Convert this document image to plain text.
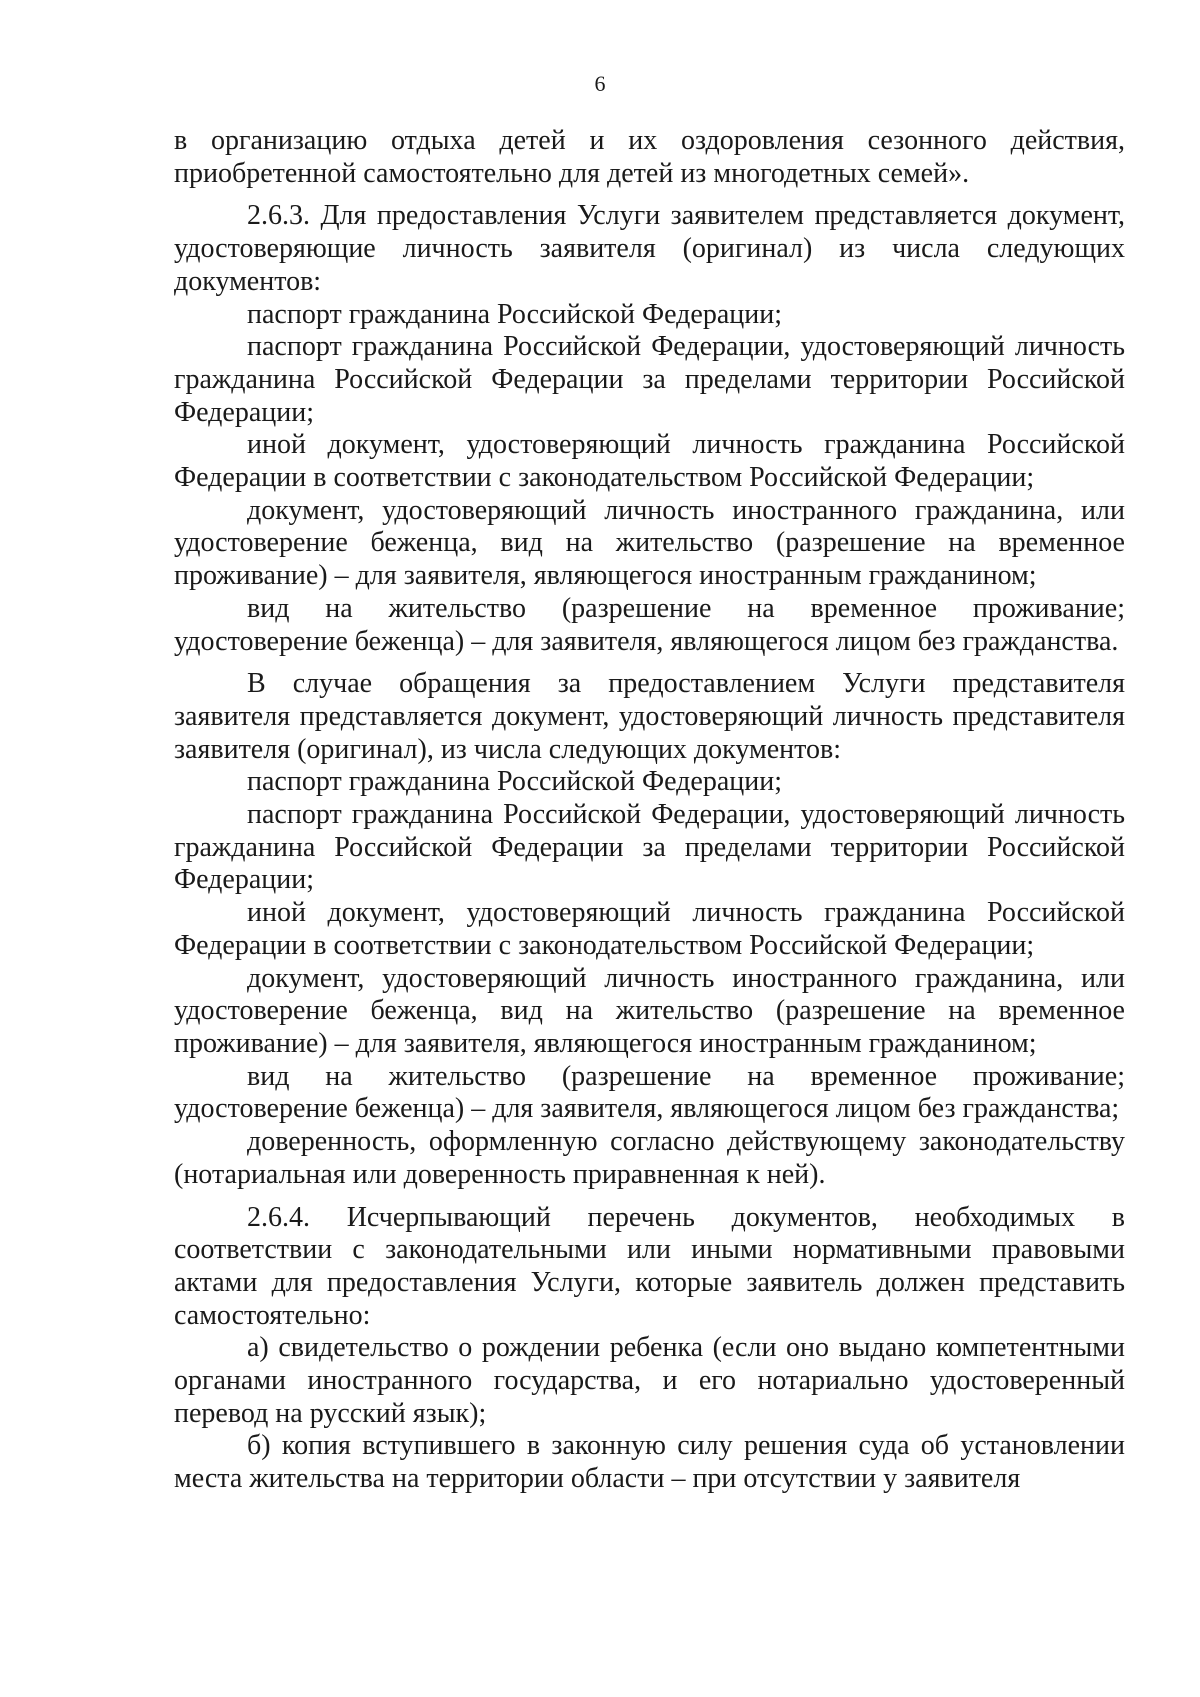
6

в организацию отдыха детей и их оздоровления сезонного действия, приобретенной самостоятельно для детей из многодетных семей».

2.6.3. Для предоставления Услуги заявителем представляется документ, удостоверяющие личность заявителя (оригинал) из числа следующих документов:

паспорт гражданина Российской Федерации;

паспорт гражданина Российской Федерации, удостоверяющий личность гражданина Российской Федерации за пределами территории Российской Федерации;

иной документ, удостоверяющий личность гражданина Российской Федерации в соответствии с законодательством Российской Федерации;

документ, удостоверяющий личность иностранного гражданина, или удостоверение беженца, вид на жительство (разрешение на временное проживание) – для заявителя, являющегося иностранным гражданином;

вид на жительство (разрешение на временное проживание; удостоверение беженца) – для заявителя, являющегося лицом без гражданства.

В случае обращения за предоставлением Услуги представителя заявителя представляется документ, удостоверяющий личность представителя заявителя (оригинал), из числа следующих документов:

паспорт гражданина Российской Федерации;

паспорт гражданина Российской Федерации, удостоверяющий личность гражданина Российской Федерации за пределами территории Российской Федерации;

иной документ, удостоверяющий личность гражданина Российской Федерации в соответствии с законодательством Российской Федерации;

документ, удостоверяющий личность иностранного гражданина, или удостоверение беженца, вид на жительство (разрешение на временное проживание) – для заявителя, являющегося иностранным гражданином;

вид на жительство (разрешение на временное проживание; удостоверение беженца) – для заявителя, являющегося лицом без гражданства;

доверенность, оформленную согласно действующему законодательству (нотариальная или доверенность приравненная к ней).

2.6.4. Исчерпывающий перечень документов, необходимых в соответствии с законодательными или иными нормативными правовыми актами для предоставления Услуги, которые заявитель должен представить самостоятельно:

а) свидетельство о рождении ребенка (если оно выдано компетентными органами иностранного государства, и его нотариально удостоверенный перевод на русский язык);

б) копия вступившего в законную силу решения суда об установлении места жительства на территории области – при отсутствии у заявителя
